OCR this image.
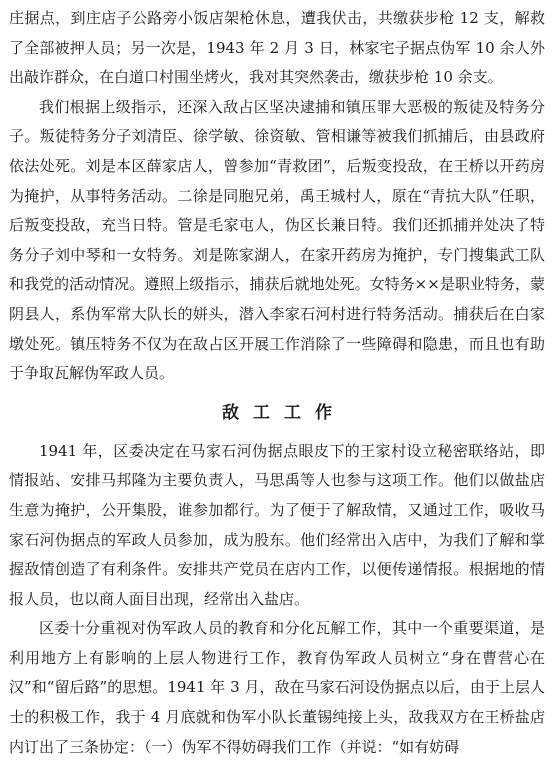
庄据点，到庄店子公路旁小饭店架枪休息，遭我伏击，共缴获步枪 12 支，解救了全部被押人员；另一次是，1943 年 2 月 3 日，林家宅子据点伪军 10 余人外出敲诈群众，在白道口村围坐烤火，我对其突然袭击，缴获步枪 10 余支。

我们根据上级指示，还深入敌占区坚决逮捕和镇压罪大恶极的叛徒及特务分子。叛徒特务分子刘清臣、徐学敏、徐资敏、管相谦等被我们抓捕后，由县政府依法处死。刘是本区薛家店人，曾参加“青救团”，后叛变投敌，在王桥以开药房为掩护，从事特务活动。二徐是同胞兄弟，禹王城村人，原在“青抗大队”任职，后叛变投敌，充当日特。管是毛家屯人，伪区长兼日特。我们还抓捕并处决了特务分子刘中琴和一女特务。刘是陈家湖人，在家开药房为掩护，专门搜集武工队和我党的活动情况。遵照上级指示，捕获后就地处死。女特务××是职业特务，蒙阴县人，系伪军常大队长的姘头，潜入李家石河村进行特务活动。捕获后在白家墩处死。镇压特务不仅为在敌占区开展工作消除了一些障碍和隐患，而且也有助于争取瓦解伪军政人员。

敌工工作

1941 年，区委决定在马家石河伪据点眼皮下的王家村设立秘密联络站，即情报站、安排马邦隆为主要负责人，马思禹等人也参与这项工作。他们以做盐店生意为掩护，公开集股，谁参加都行。为了便于了解敌情，又通过工作，吸收马家石河伪据点的军政人员参加，成为股东。他们经常出入店中，为我们了解和掌握敌情创造了有利条件。安排共产党员在店内工作，以便传递情报。根据地的情报人员，也以商人面目出现，经常出入盐店。

区委十分重视对伪军政人员的教育和分化瓦解工作，其中一个重要渠道，是利用地方上有影响的上层人物进行工作，教育伪军政人员树立“身在曹营心在汉”和“留后路”的思想。1941 年 3 月，敌在马家石河设伪据点以后，由于上层人士的积极工作，我于 4 月底就和伪军小队长董锡纯接上头，敌我双方在王桥盐店内订出了三条协定：（一）伪军不得妨碍我们工作（并说：“如有妨碍
